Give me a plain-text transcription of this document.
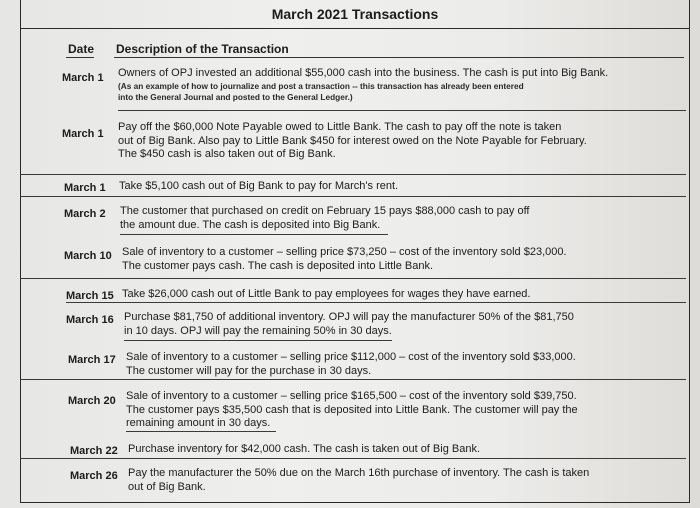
March 2021 Transactions
Date Description of the Transaction
March 1 Owners of OPJ invested an additional $55,000 cash into the business. The cash is put into Big Bank.
(As an example of how to journalize and post a transaction -- this transaction has already been entered
into the General Journal and posted to the General Ledger.)
March 1
Pay off the $60,000 Note Payable owed to Little Bank. The cash to pay off the note is taken
out of Big Bank. Also pay to Little Bank $450 for interest owed on the Note Payable for February.
The $450 cash is also taken out of Big Bank.
March 1 Take $5,100 cash out of Big Bank to pay for March's rent.
March 2 The customer that purchased on credit on February 15 pays $88,000 cash to pay off
the amount due. The cash is deposited into Big Bank.
March 10 Sale of inventory to a customer – selling price $73,250 – cost of the inventory sold $23,000.
The customer pays cash. The cash is deposited into Little Bank.
March 15 Take $26,000 cash out of Little Bank to pay employees for wages they have earned.
March 16 Purchase $81,750 of additional inventory. OPJ will pay the manufacturer 50% of the $81,750
in 10 days. OPJ will pay the remaining 50% in 30 days.
March 17 Sale of inventory to a customer – selling price $112,000 – cost of the inventory sold $33,000.
The customer will pay for the purchase in 30 days.
March 20 Sale of inventory to a customer – selling price $165,500 – cost of the inventory sold $39,750.
The customer pays $35,500 cash that is deposited into Little Bank. The customer will pay the
remaining amount in 30 days.
March 22 Purchase inventory for $42,000 cash. The cash is taken out of Big Bank.
March 26 Pay the manufacturer the 50% due on the March 16th purchase of inventory. The cash is taken
out of Big Bank.
